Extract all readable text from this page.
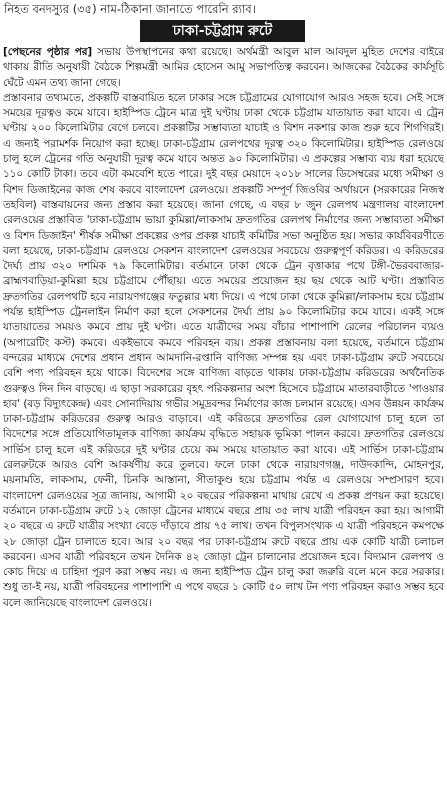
নিহত বনদস্যুর (৩৫) নাম-ঠিকানা জানাতে পারেনি র‌্যাব।
ঢাকা-চট্টগ্রাম রুটে

[পেছনের পৃষ্ঠার পর] সভায় উপস্থাপনের কথা রয়েছে। অর্থমন্ত্রী আবুল মাল আবদুল মুহিত দেশের বাইরে থাকায় রীতি অনুযায়ী বৈঠকে শিল্পমন্ত্রী আমির হোসেন আমু সভাপতিত্ব করবেন। আজকের বৈঠকের কার্যসূচি ঘেঁটে এমন তথ্য জানা গেছে।

প্রস্তাবনার তথ্যমতে, প্রকল্পটি বাস্তবায়িত হলে ঢাকার সঙ্গে চট্টগ্রামের যোগাযোগ আরও সহজ হবে। সেই সঙ্গে সময়ের দূরত্বও কমে যাবে। হাইস্পিড ট্রেনে মাত্র দুই ঘণ্টায় ঢাকা থেকে চট্টগ্রাম যাতায়াত করা যাবে। এ ট্রেন ঘণ্টায় ২০০ কিলোমিটার বেগে চলবে। প্রকল্পটির সম্ভাব্যতা যাচাই ও বিশদ নকশার কাজ শুরু হবে শিগগিরই। এ জন্যই পরামর্শক নিয়োগ করা হচ্ছে। ঢাকা-চট্টগ্রাম রেলপথের দূরত্ব ৩২০ কিলোমিটার। হাইস্পিড রেলওয়ে চালু হলে ট্রেনের গতি অনুযায়ী দূরত্ব কমে যাবে অন্তত ৯০ কিলোমিটার। এ প্রকল্পের সম্ভাব্য ব্যয় ধরা হয়েছে ১১০ কোটি টাকা। তবে এটা কমবেশি হতে পারে। দুই বছর মেয়াদে ২০১৮ সালের ডিসেম্বরের মধ্যে সমীক্ষা ও বিশদ ডিজাইনের কাজ শেষ করবে বাংলাদেশ রেলওয়ে। প্রকল্পটি সম্পূর্ণ জিওবির অর্থায়নে (সরকারের নিজস্ব তহবিল) বাস্তবায়নের জন্য প্রস্তাব করা হয়েছে। জানা গেছে, এ বছর ৮ জুন রেলপথ মন্ত্রণালয় বাংলাদেশ রেলওয়ের প্রস্তাবিত 'ঢাকা-চট্টগ্রাম ভায়া কুমিল্লা/লাকসাম দ্রুতগতির রেলপথ নির্মাণের জন্য সম্ভাব্যতা সমীক্ষা ও বিশদ ডিজাইন' শীর্ষক সমীক্ষা প্রকল্পের ওপর প্রকল্প যাচাই কমিটির সভা অনুষ্ঠিত হয়। সভার কার্যবিবরণীতে বলা হয়েছে, ঢাকা-চট্টগ্রাম রেলওয়ে সেকশন বাংলাদেশ রেলওয়ের সবচেয়ে গুরুত্বপূর্ণ করিডর। এ করিডরের দৈর্ঘ্য প্রায় ৩২০ দশমিক ৭৯ কিলোমিটার। বর্তমানে ঢাকা থেকে ট্রেন বৃত্তাকার পথে টঙ্গী-ভৈরববাজার-ব্রাহ্মণবাড়িয়া-কুমিল্লা হয়ে চট্টগ্রামে পৌঁছায়। এতে সময়ের প্রয়োজন হয় ছয় থেকে আট ঘণ্টা। প্রস্তাবিত দ্রুতগতির রেলপথটি হবে নারায়ণগঞ্জের ফতুল্লার মধ্য দিয়ে। এ পথে ঢাকা থেকে কুমিল্লা/লাকসাম হয়ে চট্টগ্রাম পর্যন্ত হাইস্পিড ট্রেনলাইন নির্মাণ করা হলে সেকশনের দৈর্ঘ্য প্রায় ৯০ কিলোমিটার কমে যাবে। একই সঙ্গে যাতায়াতের সময়ও কমবে প্রায় দুই ঘণ্টা। এতে যাত্রীদের সময় বাঁচার পাশাপাশি রেলের পরিচালন ব্যয়ও (অপারেটিং কস্ট) কমবে। একইভাবে কমবে পরিবহন ব্যয়। প্রকল্প প্রস্তাবনায় বলা হয়েছে, বর্তমানে চট্টগ্রাম বন্দরের মাধ্যমে দেশের প্রধান প্রধান আমদানি-রপ্তানি বাণিজ্য সম্পন্ন হয় এবং ঢাকা-চট্টগ্রাম রুটে সবচেয়ে বেশি পণ্য পরিবহন হয়ে থাকে। বিদেশের সঙ্গে বাণিজ্য বাড়তে থাকায় ঢাকা-চট্টগ্রাম করিডরের অর্থনৈতিক গুরুত্বও দিন দিন বাড়ছে। এ ছাড়া সরকারের বৃহৎ পরিকল্পনার অংশ হিসেবে চট্টগ্রামে মাতারবাড়ীতে 'পাওয়ার হাব' (বড় বিদ্যুৎকেন্দ্র) এবং সোনাদিয়ায় গভীর সমুদ্রবন্দর নির্মাণের কাজ চলমান রয়েছে। এসব উন্নয়ন কার্যক্রম ঢাকা-চট্টগ্রাম করিডরের গুরুত্ব আরও বাড়াবে। এই করিডরে দ্রুতগতির রেল যোগাযোগ চালু হলে তা বিদেশের সঙ্গে প্রতিযোগিতামূলক বাণিজ্য কার্যক্রম বৃদ্ধিতে সহায়ক ভূমিকা পালন করবে। দ্রুতগতির রেলওয়ে সার্ভিস চালু হলে এই করিডরে দুই ঘণ্টার চেয়ে কম সময়ে যাতায়াত করা যাবে। এই সার্ভিস ঢাকা-চট্টগ্রাম রেলরুটকে আরও বেশি আকর্ষণীয় করে তুলবে। ফলে ঢাকা থেকে নারায়ণগঞ্জ, দাউদকান্দি, মোহনপুর, ময়নামতি, লাকসাম, ফেনী, চিনকি আস্তানা, সীতাকুণ্ড হয়ে চট্টগ্রাম পর্যন্ত এ রেলওয়ে সম্প্রসারণ হবে। বাংলাদেশ রেলওয়ের সূত্র জানায়, আগামী ২০ বছরের পরিকল্পনা মাথায় রেখে এ প্রকল্প প্রণয়ন করা হয়েছে। বর্তমানে ঢাকা-চট্টগ্রাম রুটে ১২ জোড়া ট্রেনের মাধ্যমে বছরে প্রায় ৩৫ লাখ যাত্রী পরিবহন করা হয়। আগামী ২০ বছরে এ রুটে যাত্রীর সংখ্যা বেড়ে দাঁড়াবে প্রায় ৭৫ লাখ। তখন বিপুলসংখ্যক এ যাত্রী পরিবহনে কমপক্ষে ২৮ জোড়া ট্রেন চালাতে হবে। আর ২০ বছর পর ঢাকা-চট্টগ্রাম রুটে বছরে প্রায় এক কোটি যাত্রী চলাচল করবেন। এসব যাত্রী পরিবহনে তখন দৈনিক ৪২ জোড়া ট্রেন চালানোর প্রয়োজন হবে। বিদ্যমান রেলপথ ও কোচ দিয়ে এ চাহিদা পূরণ করা সম্ভব নয়। এ জন্য হাইস্পিড ট্রেন চালু করা জরুরি বলে মনে করে সরকার। শুধু তা-ই নয়, যাত্রী পরিবহনের পাশাপাশি এ পথে বছরে ১ কোটি ৫০ লাখ টন পণ্য পরিবহন করাও সম্ভব হবে বলে জানিয়েছে বাংলাদেশ রেলওয়ে।
